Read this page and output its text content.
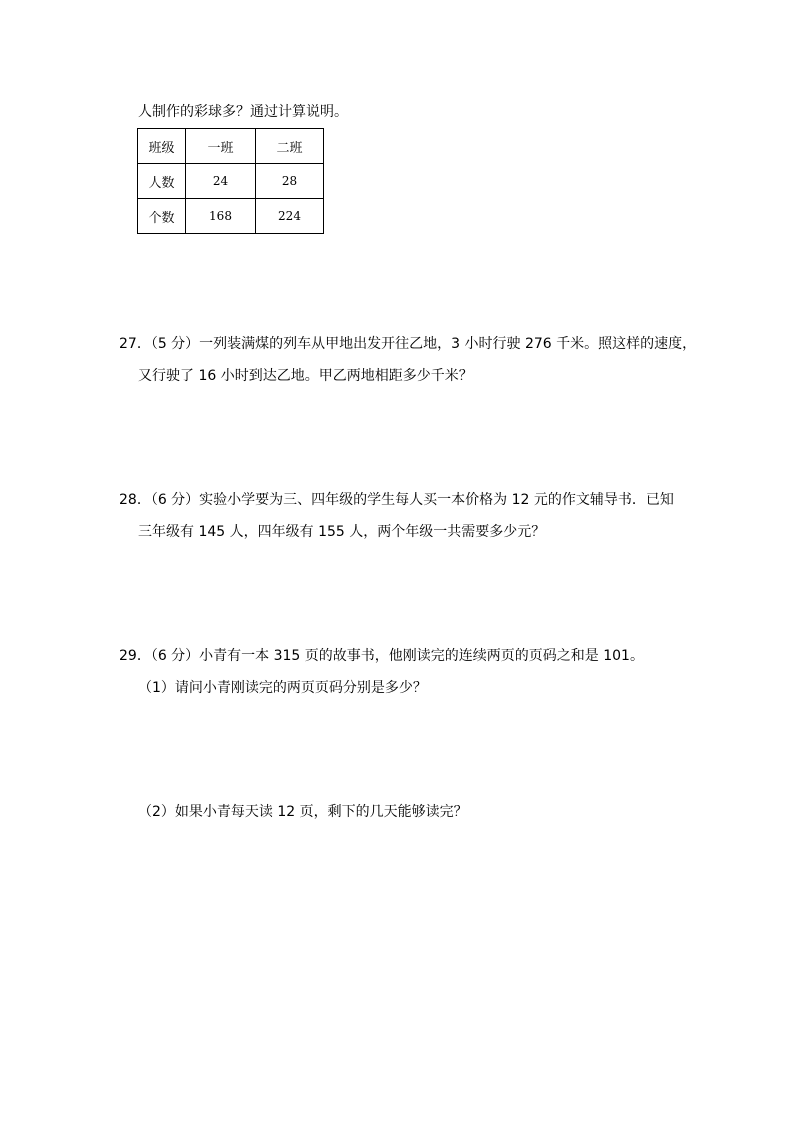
人制作的彩球多？通过计算说明。
班级	一班	二班
人数	24	28
个数	168	224
27．（5 分）一列装满煤的列车从甲地出发开往乙地，3 小时行驶 276 千米。照这样的速度，
又行驶了 16 小时到达乙地。甲乙两地相距多少千米？
28．（6 分）实验小学要为三、四年级的学生每人买一本价格为 12 元的作文辅导书．已知
三年级有 145 人，四年级有 155 人，两个年级一共需要多少元？
29．（6 分）小青有一本 315 页的故事书，他刚读完的连续两页的页码之和是 101。
（1）请问小青刚读完的两页页码分别是多少？
（2）如果小青每天读 12 页，剩下的几天能够读完？
